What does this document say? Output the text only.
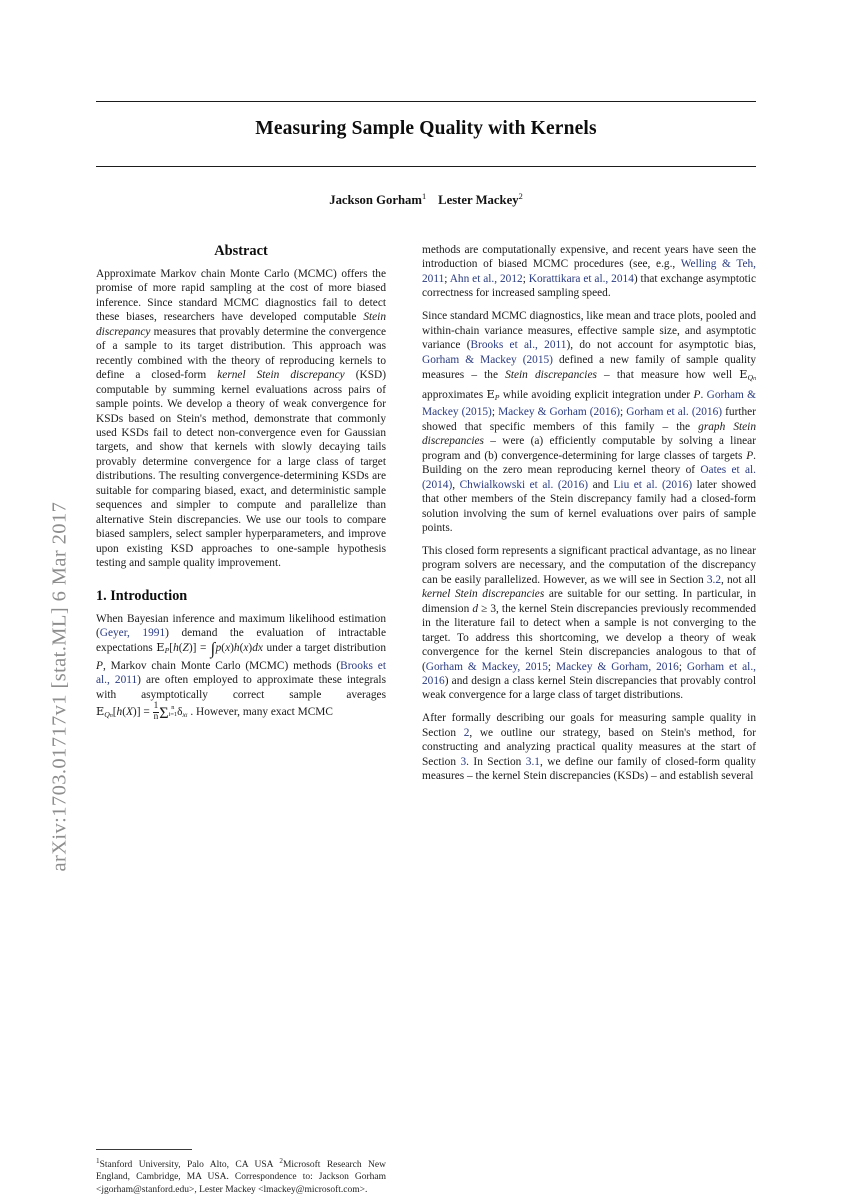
arXiv:1703.01717v1 [stat.ML] 6 Mar 2017
Measuring Sample Quality with Kernels
Jackson Gorham$^1$ Lester Mackey$^2$
Abstract

Approximate Markov chain Monte Carlo (MCMC) offers the promise of more rapid sampling at the cost of more biased inference. Since standard MCMC diagnostics fail to detect these biases, researchers have developed computable Stein discrepancy measures that provably determine the convergence of a sample to its target distribution. This approach was recently combined with the theory of reproducing kernels to define a closed-form kernel Stein discrepancy (KSD) computable by summing kernel evaluations across pairs of sample points. We develop a theory of weak convergence for KSDs based on Stein's method, demonstrate that commonly used KSDs fail to detect non-convergence even for Gaussian targets, and show that kernels with slowly decaying tails provably determine convergence for a large class of target distributions. The resulting convergence-determining KSDs are suitable for comparing biased, exact, and deterministic sample sequences and simpler to compute and parallelize than alternative Stein discrepancies. We use our tools to compare biased samplers, select sampler hyperparameters, and improve upon existing KSD approaches to one-sample hypothesis testing and sample quality improvement.

1. Introduction

When Bayesian inference and maximum likelihood estimation (Geyer, 1991) demand the evaluation of intractable expectations $E_P[h(Z)] = \int p(x)h(x)dx$ under a target distribution P, Markov chain Monte Carlo (MCMC) methods (Brooks et al., 2011) are often employed to approximate these integrals with asymptotically correct sample averages $E_{Qn}[h(X)] = \frac{1}{n}$ Σ n
i=1 $\delta_{xi}$ . However, many exact MCMC

$^1$Stanford University, Palo Alto, CA USA $^2$Microsoft Research New England, Cambridge, MA USA. Correspondence to: Jackson Gorham <jgorham@stanford.edu>, Lester Mackey <lmackey@microsoft.com>.

methods are computationally expensive, and recent years have seen the introduction of biased MCMC procedures (see, e.g., Welling & Teh, 2011; Ahn et al., 2012; Korattikara et al., 2014) that exchange asymptotic correctness for increased sampling speed.

Since standard MCMC diagnostics, like mean and trace plots, pooled and within-chain variance measures, effective sample size, and asymptotic variance (Brooks et al., 2011), do not account for asymptotic bias, Gorham & Mackey (2015) defined a new family of sample quality measures – the Stein discrepancies – that measure how well $E_{Qn}$ approximates $E_P$ while avoiding explicit integration under P. Gorham & Mackey (2015); Mackey & Gorham (2016); Gorham et al. (2016) further showed that specific members of this family – the graph Stein discrepancies – were (a) efficiently computable by solving a linear program and (b) convergence-determining for large classes of targets P. Building on the zero mean reproducing kernel theory of Oates et al. (2014), Chwialkowski et al. (2016) and Liu et al. (2016) later showed that other members of the Stein discrepancy family had a closed-form solution involving the sum of kernel evaluations over pairs of sample points.

This closed form represents a significant practical advantage, as no linear program solvers are necessary, and the computation of the discrepancy can be easily parallelized. However, as we will see in Section 3.2, not all kernel Stein discrepancies are suitable for our setting. In particular, in dimension d ≥ 3, the kernel Stein discrepancies previously recommended in the literature fail to detect when a sample is not converging to the target. To address this shortcoming, we develop a theory of weak convergence for the kernel Stein discrepancies analogous to that of (Gorham & Mackey, 2015; Mackey & Gorham, 2016; Gorham et al., 2016) and design a class kernel Stein discrepancies that provably control weak convergence for a large class of target distributions.

After formally describing our goals for measuring sample quality in Section 2, we outline our strategy, based on Stein's method, for constructing and analyzing practical quality measures at the start of Section 3. In Section 3.1, we define our family of closed-form quality measures – the kernel Stein discrepancies (KSDs) – and establish several
